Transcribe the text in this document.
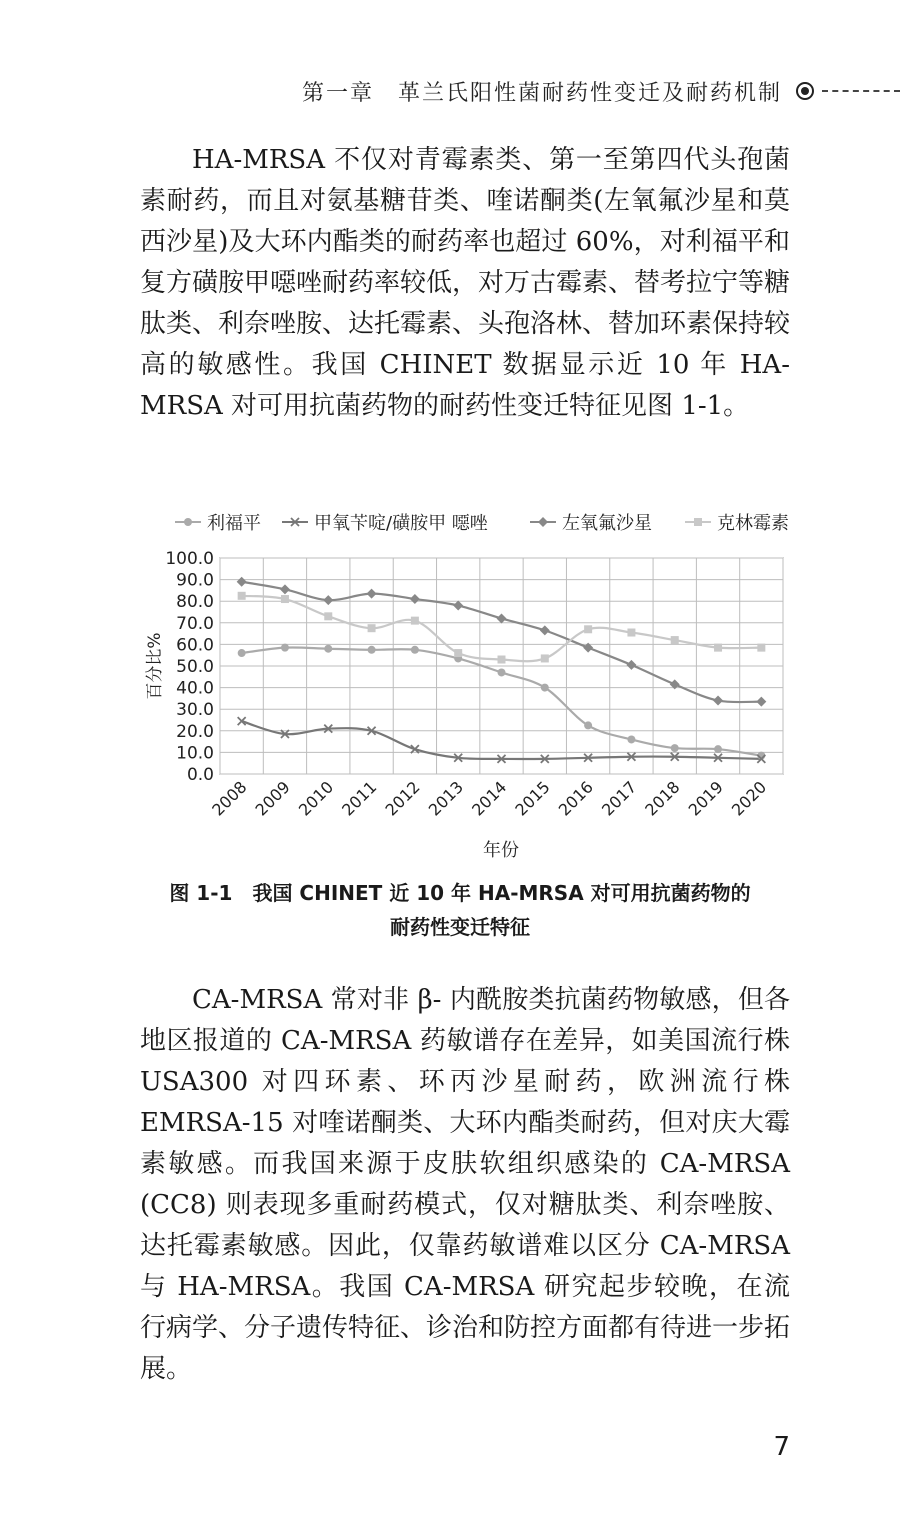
第一章　革兰氏阳性菌耐药性变迁及耐药机制

HA-MRSA 不仅对青霉素类、第一至第四代头孢菌素耐药，而且对氨基糖苷类、喹诺酮类(左氧氟沙星和莫西沙星)及大环内酯类的耐药率也超过 60%，对利福平和复方磺胺甲噁唑耐药率较低，对万古霉素、替考拉宁等糖肽类、利奈唑胺、达托霉素、头孢洛林、替加环素保持较高的敏感性。我国 CHINET 数据显示近 10 年 HA-MRSA 对可用抗菌药物的耐药性变迁特征见图 1-1。

利福平	甲氧苄啶/磺胺甲 噁唑	左氧氟沙星	克林霉素
0.0
10.0
20.0
30.0
40.0
50.0
60.0
70.0
80.0
90.0
100.0
2008 2009 2010 2011 2012 2013 2014 2015 2016 2017 2018 2019 2020
百分比%
年份
图 1-1　我国 CHINET 近 10 年 HA-MRSA 对可用抗菌药物的
耐药性变迁特征

CA-MRSA 常对非 β- 内酰胺类抗菌药物敏感，但各地区报道的 CA-MRSA 药敏谱存在差异，如美国流行株 USA300 对四环素、环丙沙星耐药，欧洲流行株 EMRSA-15 对喹诺酮类、大环内酯类耐药，但对庆大霉素敏感。而我国来源于皮肤软组织感染的 CA-MRSA (CC8) 则表现多重耐药模式，仅对糖肽类、利奈唑胺、达托霉素敏感。因此，仅靠药敏谱难以区分 CA-MRSA 与 HA-MRSA。我国 CA-MRSA 研究起步较晚，在流行病学、分子遗传特征、诊治和防控方面都有待进一步拓展。

7
